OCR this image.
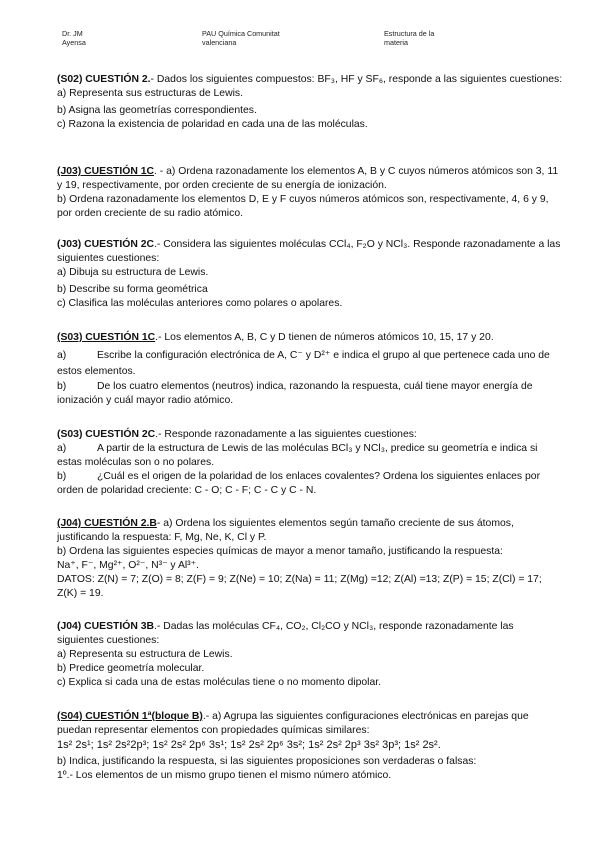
Dr. JM
Ayensa
PAU Química Comunitat
valenciana
Estructura de la
materia

(S02) CUESTIÓN 2.- Dados los siguientes compuestos: BF₃, HF y SF₆, responde a las siguientes cuestiones:

a) Representa sus estructuras de Lewis.

b) Asigna las geometrías correspondientes.

c) Razona la existencia de polaridad en cada una de las moléculas.

(J03) CUESTIÓN 1C. - a) Ordena razonadamente los elementos A, B y C cuyos números atómicos son 3, 11 y 19, respectivamente, por orden creciente de su energía de ionización.

b) Ordena razonadamente los elementos D, E y F cuyos números atómicos son, respectivamente, 4, 6 y 9, por orden creciente de su radio atómico.

(J03) CUESTIÓN 2C.- Considera las siguientes moléculas CCl₄, F₂O y NCl₃. Responde razonadamente a las siguientes cuestiones:

a) Dibuja su estructura de Lewis.

b) Describe su forma geométrica

c) Clasifica las moléculas anteriores como polares o apolares.

(S03) CUESTIÓN 1C.- Los elementos A, B, C y D tienen de números atómicos 10, 15, 17 y 20.

a)	Escribe la configuración electrónica de A, C⁻ y D²⁺ e indica el grupo al que pertenece cada uno de estos elementos.

b)	De los cuatro elementos (neutros) indica, razonando la respuesta, cuál tiene mayor energía de ionización y cuál mayor radio atómico.

(S03) CUESTIÓN 2C.- Responde razonadamente a las siguientes cuestiones:

a)	A partir de la estructura de Lewis de las moléculas BCl₃ y NCl₃, predice su geometría e indica si estas moléculas son o no polares.

b)	¿Cuál es el origen de la polaridad de los enlaces covalentes? Ordena los siguientes enlaces por orden de polaridad creciente: C - O; C - F; C - C y C - N.

(J04) CUESTIÓN 2.B- a) Ordena los siguientes elementos según tamaño creciente de sus átomos, justificando la respuesta: F, Mg, Ne, K, Cl y P.

b) Ordena las siguientes especies químicas de mayor a menor tamaño, justificando la respuesta:

Na⁺, F⁻, Mg²⁺, O²⁻, N³⁻ y Al³⁺.

DATOS: Z(N) = 7; Z(O) = 8; Z(F) = 9; Z(Ne) = 10; Z(Na) = 11; Z(Mg) =12; Z(Al) =13; Z(P) = 15; Z(Cl) = 17; Z(K) = 19.

(J04) CUESTIÓN 3B.- Dadas las moléculas CF₄, CO₂, Cl₂CO y NCl₃, responde razonadamente las siguientes cuestiones:

a) Representa su estructura de Lewis.

b) Predice geometría molecular.

c) Explica si cada una de estas moléculas tiene o no momento dipolar.

(S04) CUESTIÓN 1ª(bloque B).- a) Agrupa las siguientes configuraciones electrónicas en parejas que puedan representar elementos con propiedades químicas similares:

1s² 2s¹; 1s² 2s²2p³; 1s² 2s² 2p⁶ 3s¹; 1s² 2s² 2p⁶ 3s²; 1s² 2s² 2p³ 3s² 3p³; 1s² 2s².

b) Indica, justificando la respuesta, si las siguientes proposiciones son verdaderas o falsas:

1º.- Los elementos de un mismo grupo tienen el mismo número atómico.
